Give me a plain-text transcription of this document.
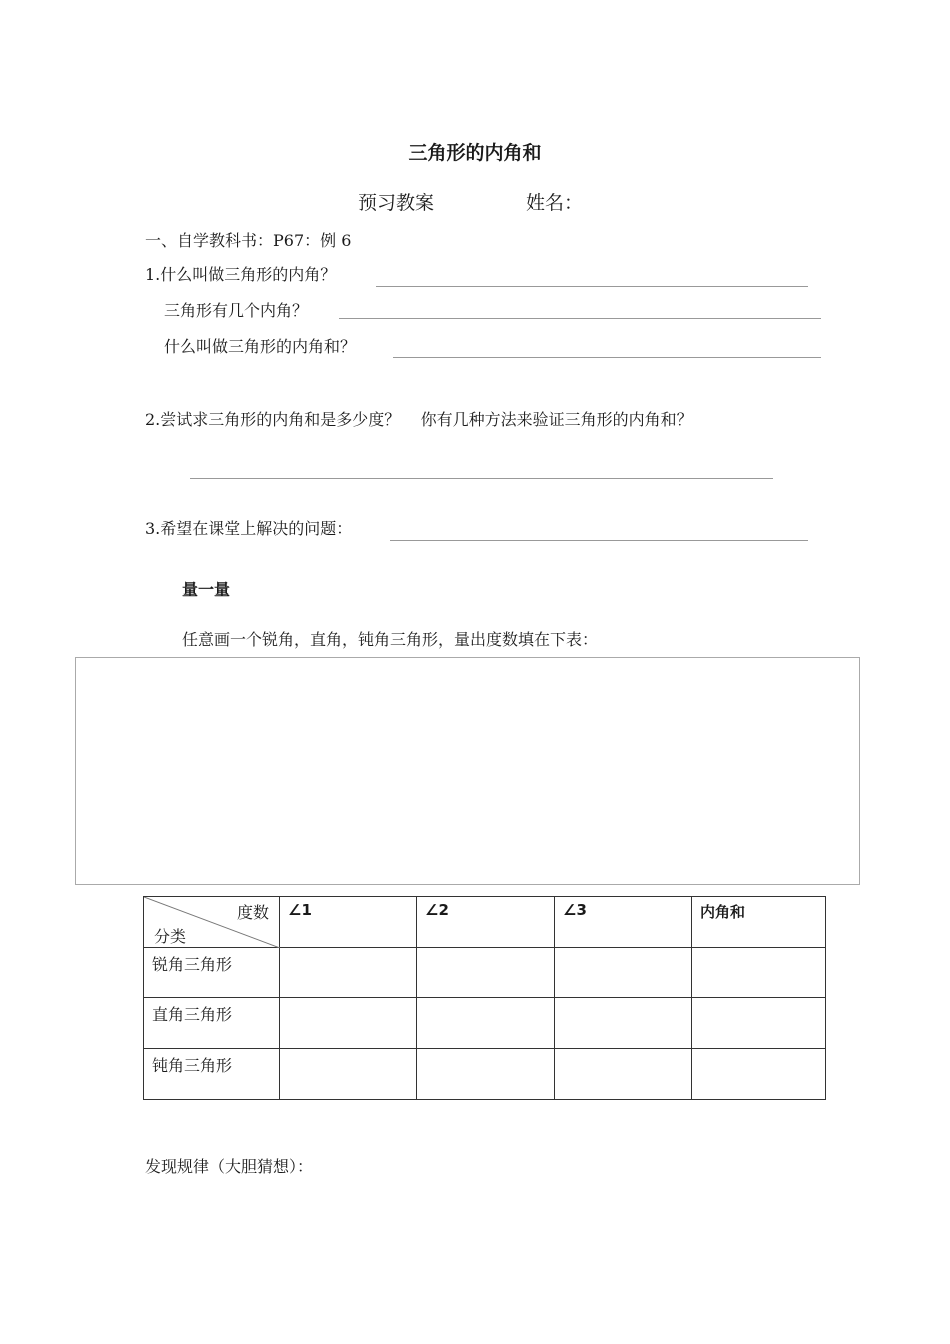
三角形的内角和
预习教案	姓名：
一、自学教科书：P67：例 6
1.什么叫做三角形的内角？
三角形有几个内角？
什么叫做三角形的内角和？
2.尝试求三角形的内角和是多少度？    你有几种方法来验证三角形的内角和？
3.希望在课堂上解决的问题：
量一量
任意画一个锐角，直角，钝角三角形，量出度数填在下表：
度数
分类	∠1	∠2	∠3	内角和
锐角三角形				
直角三角形				
钝角三角形				
发现规律（大胆猜想）：
